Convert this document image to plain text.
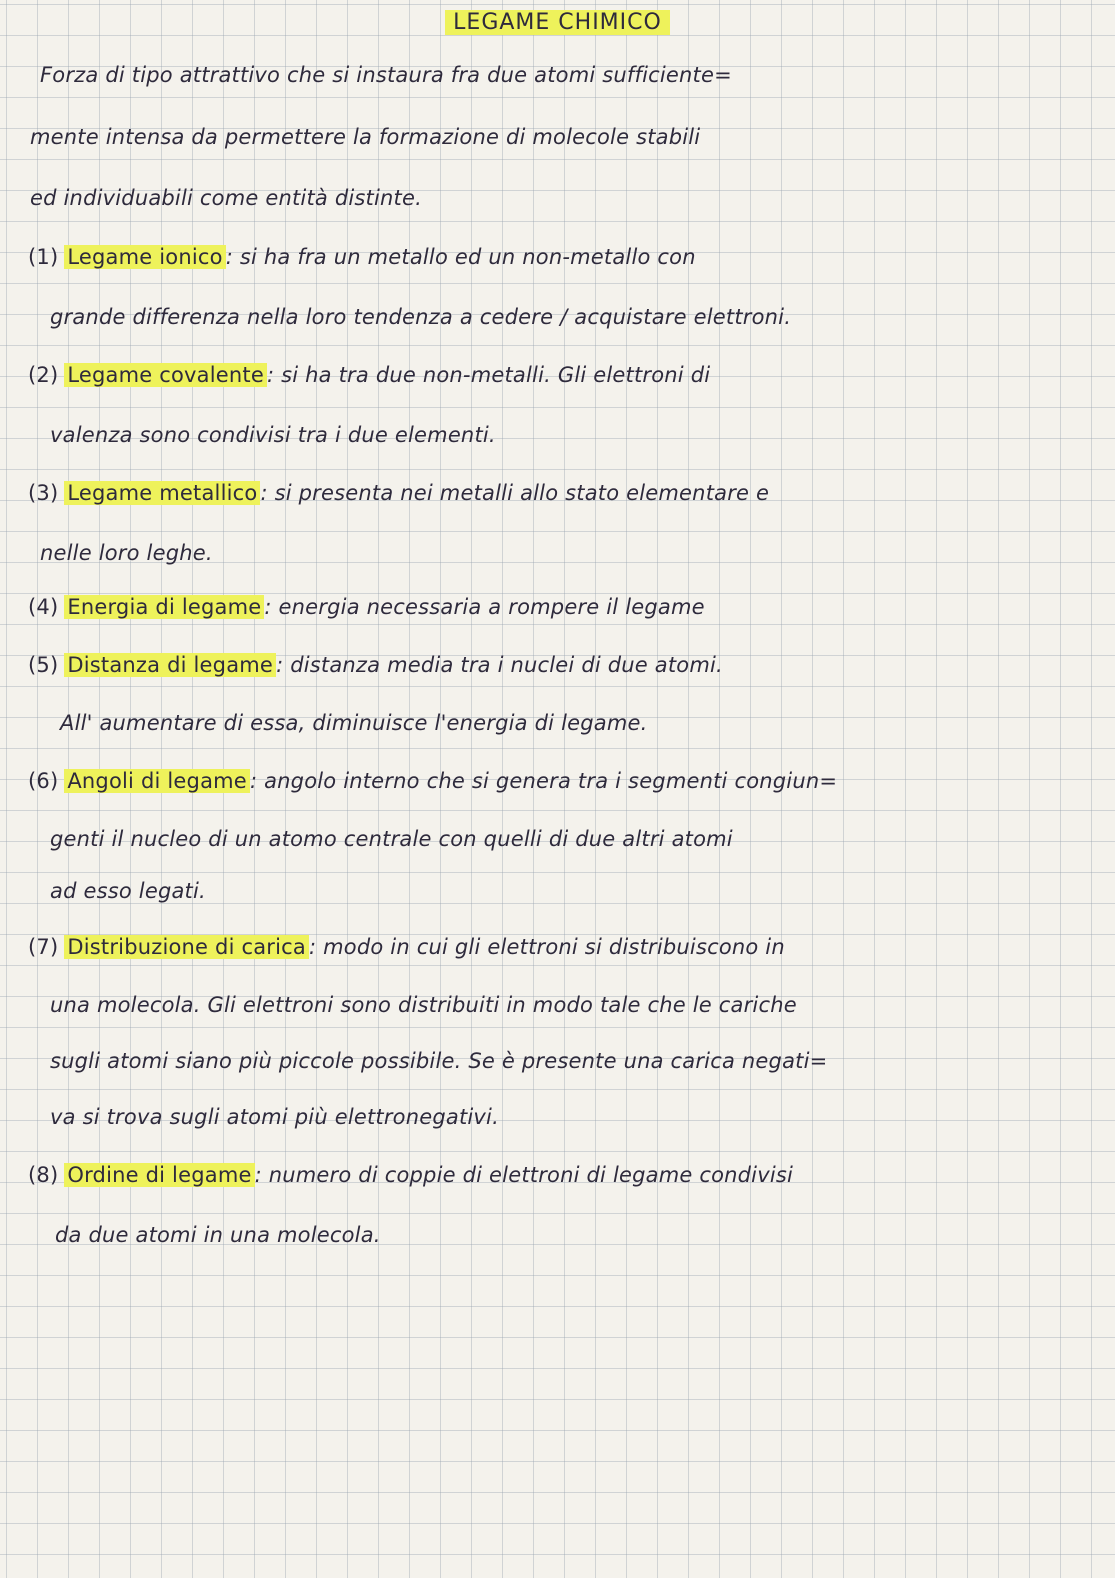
LEGAME CHIMICO
Forza di tipo attrattivo che si instaura fra due atomi sufficiente=
mente intensa da permettere la formazione di molecole stabili
ed individuabili come entità distinte.
(1) Legame ionico : si ha fra un metallo ed un non-metallo con
grande differenza nella loro tendenza a cedere / acquistare elettroni.
(2) Legame covalente : si ha tra due non-metalli. Gli elettroni di
valenza sono condivisi tra i due elementi.
(3) Legame metallico : si presenta nei metalli allo stato elementare e
nelle loro leghe.
(4) Energia di legame : energia necessaria a rompere il legame
(5) Distanza di legame : distanza media tra i nuclei di due atomi.
All' aumentare di essa, diminuisce l'energia di legame.
(6) Angoli di legame : angolo interno che si genera tra i segmenti congiun=
genti il nucleo di un atomo centrale con quelli di due altri atomi
ad esso legati.
(7) Distribuzione di carica : modo in cui gli elettroni si distribuiscono in
una molecola. Gli elettroni sono distribuiti in modo tale che le cariche
sugli atomi siano più piccole possibile. Se è presente una carica negati=
va si trova sugli atomi più elettronegativi.
(8) Ordine di legame : numero di coppie di elettroni di legame condivisi
da due atomi in una molecola.
